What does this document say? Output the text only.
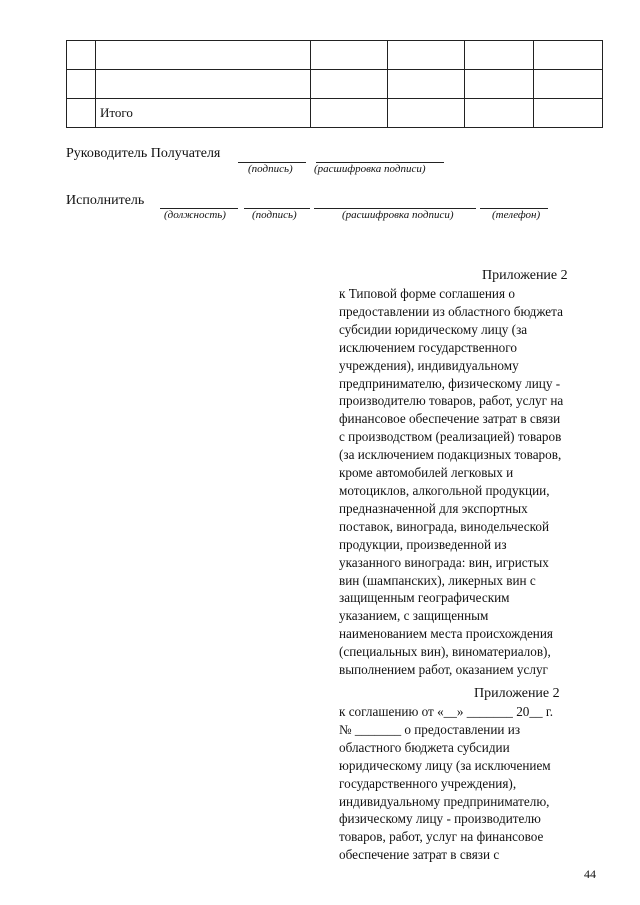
	Итого				
Руководитель Получателя
(подпись) (расшифровка подписи)
Исполнитель
(должность) (подпись)	(расшифровка подписи)	(телефон)
Приложение 2
к Типовой форме соглашения о
предоставлении из областного бюджета
субсидии юридическому лицу (за
исключением государственного
учреждения), индивидуальному
предпринимателю, физическому лицу -
производителю товаров, работ, услуг на
финансовое обеспечение затрат в связи
с производством (реализацией) товаров
(за исключением подакцизных товаров,
кроме автомобилей легковых и
мотоциклов, алкогольной продукции,
предназначенной для экспортных
поставок, винограда, винодельческой
продукции, произведенной из
указанного винограда: вин, игристых
вин (шампанских), ликерных вин с
защищенным географическим
указанием, с защищенным
наименованием места происхождения
(специальных вин), виноматериалов),
выполнением работ, оказанием услуг
Приложение 2
к соглашению от «__» _______ 20__ г.
№ _______ о предоставлении из
областного бюджета субсидии
юридическому лицу (за исключением
государственного учреждения),
индивидуальному предпринимателю,
физическому лицу - производителю
товаров, работ, услуг на финансовое
обеспечение затрат в связи с
44
